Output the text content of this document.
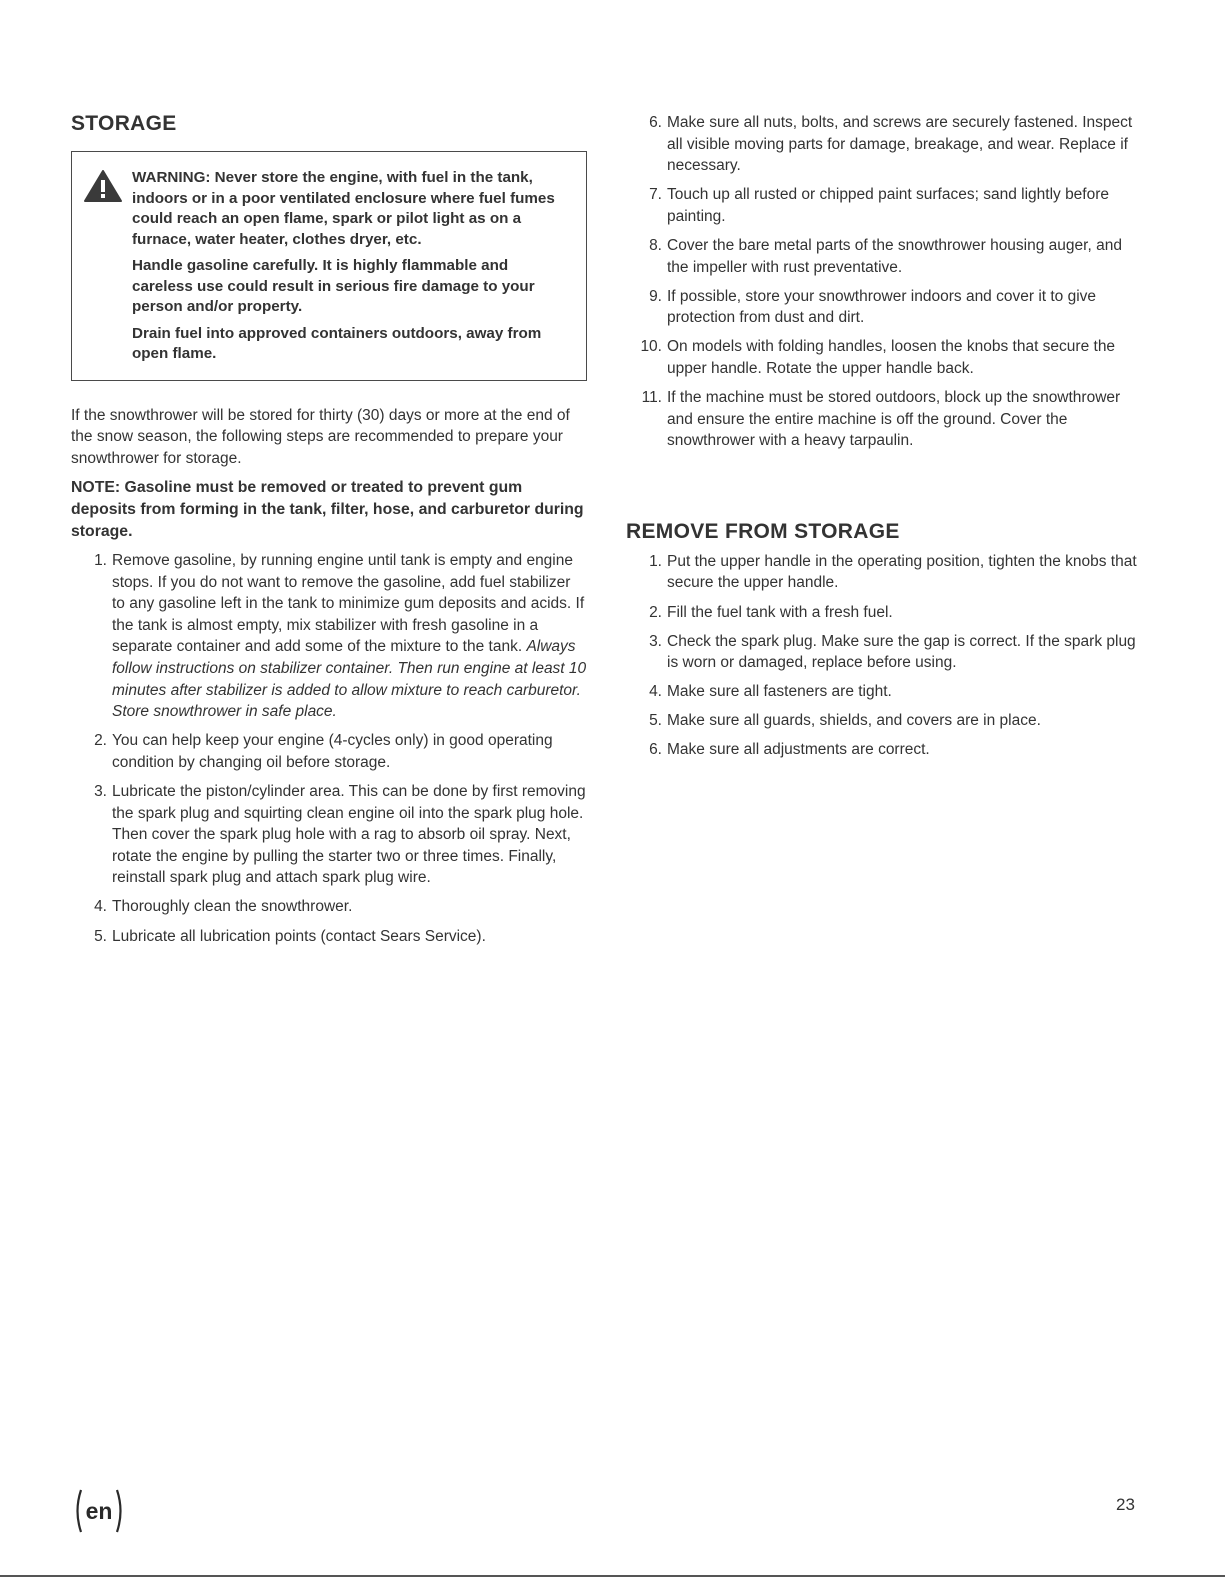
STORAGE

WARNING: Never store the engine, with fuel in the tank, indoors or in a poor ventilated enclosure where fuel fumes could reach an open flame, spark or pilot light as on a furnace, water heater, clothes dryer, etc.

Handle gasoline carefully. It is highly flammable and careless use could result in serious fire damage to your person and/or property.

Drain fuel into approved containers outdoors, away from open flame.

If the snowthrower will be stored for thirty (30) days or more at the end of the snow season, the following steps are recommended to prepare your snowthrower for storage.

NOTE: Gasoline must be removed or treated to prevent gum deposits from forming in the tank, filter, hose, and carburetor during storage.

1. Remove gasoline, by running engine until tank is empty and engine stops. If you do not want to remove the gasoline, add fuel stabilizer to any gasoline left in the tank to minimize gum deposits and acids. If the tank is almost empty, mix stabilizer with fresh gasoline in a separate container and add some of the mixture to the tank. Always follow instructions on stabilizer container. Then run engine at least 10 minutes after stabilizer is added to allow mixture to reach carburetor. Store snowthrower in safe place.
2. You can help keep your engine (4-cycles only) in good operating condition by changing oil before storage.
3. Lubricate the piston/cylinder area. This can be done by first removing the spark plug and squirting clean engine oil into the spark plug hole. Then cover the spark plug hole with a rag to absorb oil spray. Next, rotate the engine by pulling the starter two or three times. Finally, reinstall spark plug and attach spark plug wire.
4. Thoroughly clean the snowthrower.
5. Lubricate all lubrication points (contact Sears Service).
6. Make sure all nuts, bolts, and screws are securely fastened. Inspect all visible moving parts for damage, breakage, and wear. Replace if necessary.
7. Touch up all rusted or chipped paint surfaces; sand lightly before painting.
8. Cover the bare metal parts of the snowthrower housing auger, and the impeller with rust preventative.
9. If possible, store your snowthrower indoors and cover it to give protection from dust and dirt.
10. On models with folding handles, loosen the knobs that secure the upper handle. Rotate the upper handle back.
11. If the machine must be stored outdoors, block up the snowthrower and ensure the entire machine is off the ground. Cover the snowthrower with a heavy tarpaulin.
REMOVE FROM STORAGE
1. Put the upper handle in the operating position, tighten the knobs that secure the upper handle.
2. Fill the fuel tank with a fresh fuel.
3. Check the spark plug. Make sure the gap is correct. If the spark plug is worn or damaged, replace before using.
4. Make sure all fasteners are tight.
5. Make sure all guards, shields, and covers are in place.
6. Make sure all adjustments are correct.
en	23
